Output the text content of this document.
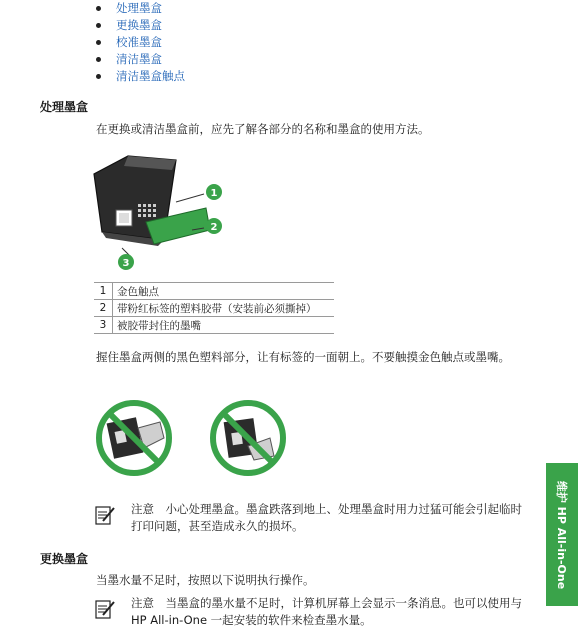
处理墨盒
更换墨盒
校准墨盒
清洁墨盒
清洁墨盒触点
处理墨盒
在更换或清洁墨盒前，应先了解各部分的名称和墨盒的使用方法。
1
2
3
1	金色触点
2	带粉红标签的塑料胶带（安装前必须撕掉）
3	被胶带封住的墨嘴
握住墨盒两侧的黑色塑料部分，让有标签的一面朝上。不要触摸金色触点或墨嘴。
注意　小心处理墨盒。墨盒跌落到地上、处理墨盒时用力过猛可能会引起临时打印问题，甚至造成永久的损坏。
更换墨盒
当墨水量不足时，按照以下说明执行操作。
注意　当墨盒的墨水量不足时，计算机屏幕上会显示一条消息。也可以使用与 HP All-in-One 一起安装的软件来检查墨水量。
维护 HP All-in-One
